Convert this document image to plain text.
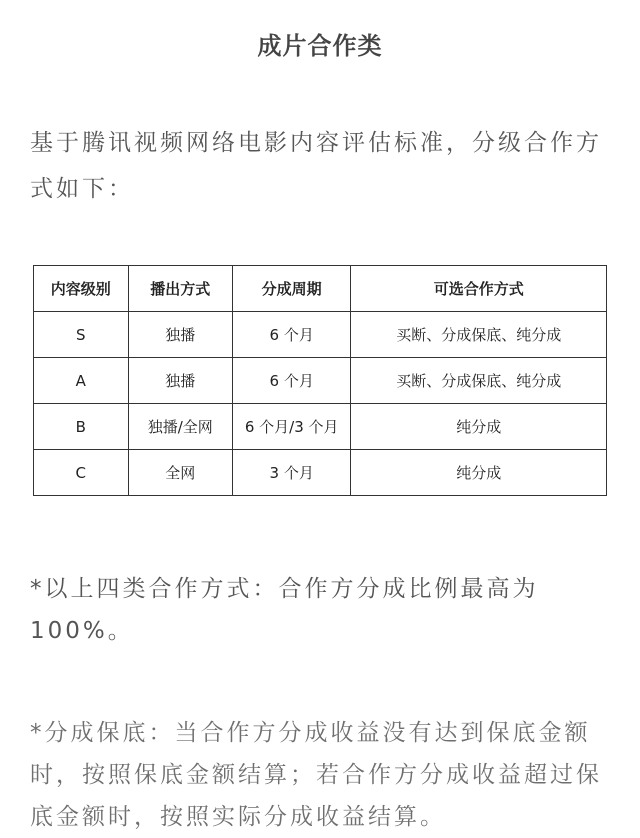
成片合作类
基于腾讯视频网络电影内容评估标准，分级合作方式如下：
内容级别	播出方式	分成周期	可选合作方式
S	独播	6 个月	买断、分成保底、纯分成
A	独播	6 个月	买断、分成保底、纯分成
B	独播/全网	6 个月/3 个月	纯分成
C	全网	3 个月	纯分成
*以上四类合作方式：合作方分成比例最高为100%。
*分成保底：当合作方分成收益没有达到保底金额时，按照保底金额结算；若合作方分成收益超过保底金额时，按照实际分成收益结算。
